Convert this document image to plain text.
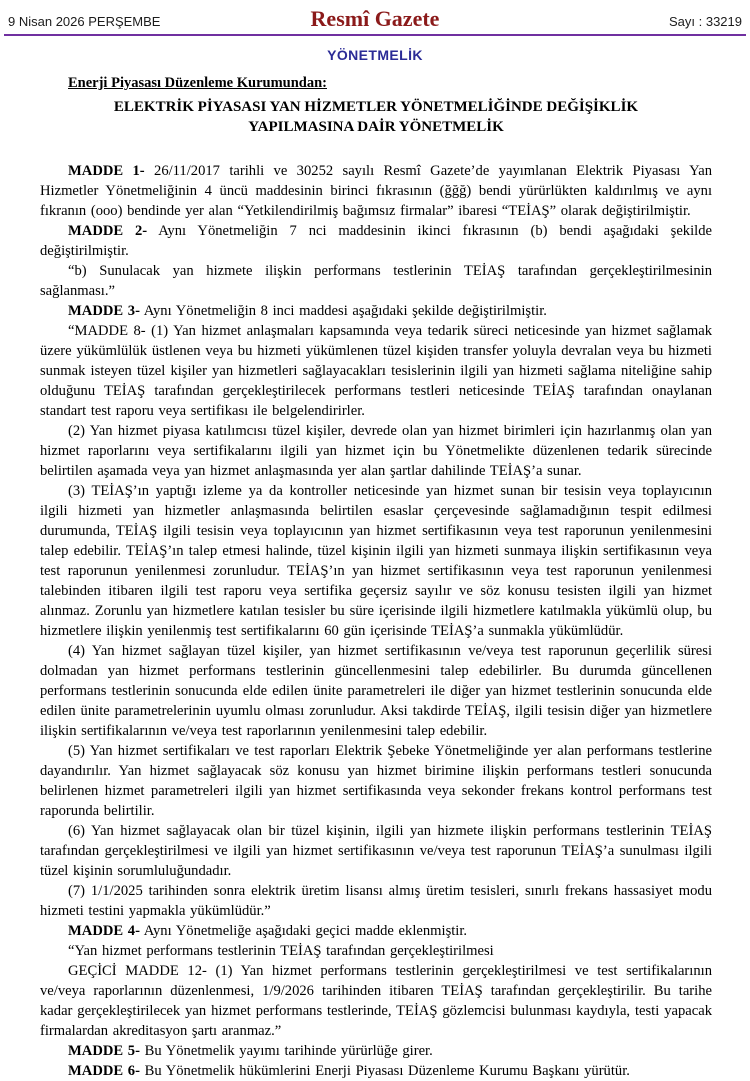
9 Nisan 2026 PERŞEMBE	Resmî Gazete	Sayı : 33219
YÖNETMELİK
Enerji Piyasası Düzenleme Kurumundan:
ELEKTRİK PİYASASI YAN HİZMETLER YÖNETMELİĞİNDE DEĞİŞİKLİK
YAPILMASINA DAİR YÖNETMELİK

MADDE 1- 26/11/2017 tarihli ve 30252 sayılı Resmî Gazete’de yayımlanan Elektrik Piyasası Yan Hizmetler Yönetmeliğinin 4 üncü maddesinin birinci fıkrasının (ğğğ) bendi yürürlükten kaldırılmış ve aynı fıkranın (ooo) bendinde yer alan “Yetkilendirilmiş bağımsız firmalar” ibaresi “TEİAŞ” olarak değiştirilmiştir.

MADDE 2- Aynı Yönetmeliğin 7 nci maddesinin ikinci fıkrasının (b) bendi aşağıdaki şekilde değiştirilmiştir.

“b) Sunulacak yan hizmete ilişkin performans testlerinin TEİAŞ tarafından gerçekleştirilmesinin sağlanması.”

MADDE 3- Aynı Yönetmeliğin 8 inci maddesi aşağıdaki şekilde değiştirilmiştir.

“MADDE 8- (1) Yan hizmet anlaşmaları kapsamında veya tedarik süreci neticesinde yan hizmet sağlamak üzere yükümlülük üstlenen veya bu hizmeti yükümlenen tüzel kişiden transfer yoluyla devralan veya bu hizmeti sunmak isteyen tüzel kişiler yan hizmetleri sağlayacakları tesislerinin ilgili yan hizmeti sağlama niteliğine sahip olduğunu TEİAŞ tarafından gerçekleştirilecek performans testleri neticesinde TEİAŞ tarafından onaylanan standart test raporu veya sertifikası ile belgelendirirler.

(2) Yan hizmet piyasa katılımcısı tüzel kişiler, devrede olan yan hizmet birimleri için hazırlanmış olan yan hizmet raporlarını veya sertifikalarını ilgili yan hizmet için bu Yönetmelikte düzenlenen tedarik sürecinde belirtilen aşamada veya yan hizmet anlaşmasında yer alan şartlar dahilinde TEİAŞ’a sunar.

(3) TEİAŞ’ın yaptığı izleme ya da kontroller neticesinde yan hizmet sunan bir tesisin veya toplayıcının ilgili hizmeti yan hizmetler anlaşmasında belirtilen esaslar çerçevesinde sağlamadığının tespit edilmesi durumunda, TEİAŞ ilgili tesisin veya toplayıcının yan hizmet sertifikasının veya test raporunun yenilenmesini talep edebilir. TEİAŞ’ın talep etmesi halinde, tüzel kişinin ilgili yan hizmeti sunmaya ilişkin sertifikasının veya test raporunun yenilenmesi zorunludur. TEİAŞ’ın yan hizmet sertifikasının veya test raporunun yenilenmesi talebinden itibaren ilgili test raporu veya sertifika geçersiz sayılır ve söz konusu tesisten ilgili yan hizmet alınmaz. Zorunlu yan hizmetlere katılan tesisler bu süre içerisinde ilgili hizmetlere katılmakla yükümlü olup, bu hizmetlere ilişkin yenilenmiş test sertifikalarını 60 gün içerisinde TEİAŞ’a sunmakla yükümlüdür.

(4) Yan hizmet sağlayan tüzel kişiler, yan hizmet sertifikasının ve/veya test raporunun geçerlilik süresi dolmadan yan hizmet performans testlerinin güncellenmesini talep edebilirler. Bu durumda güncellenen performans testlerinin sonucunda elde edilen ünite parametreleri ile diğer yan hizmet testlerinin sonucunda elde edilen ünite parametrelerinin uyumlu olması zorunludur. Aksi takdirde TEİAŞ, ilgili tesisin diğer yan hizmetlere ilişkin sertifikalarının ve/veya test raporlarının yenilenmesini talep edebilir.

(5) Yan hizmet sertifikaları ve test raporları Elektrik Şebeke Yönetmeliğinde yer alan performans testlerine dayandırılır. Yan hizmet sağlayacak söz konusu yan hizmet birimine ilişkin performans testleri sonucunda belirlenen hizmet parametreleri ilgili yan hizmet sertifikasında veya sekonder frekans kontrol performans test raporunda belirtilir.

(6) Yan hizmet sağlayacak olan bir tüzel kişinin, ilgili yan hizmete ilişkin performans testlerinin TEİAŞ tarafından gerçekleştirilmesi ve ilgili yan hizmet sertifikasının ve/veya test raporunun TEİAŞ’a sunulması ilgili tüzel kişinin sorumluluğundadır.

(7) 1/1/2025 tarihinden sonra elektrik üretim lisansı almış üretim tesisleri, sınırlı frekans hassasiyet modu hizmeti testini yapmakla yükümlüdür.”

MADDE 4- Aynı Yönetmeliğe aşağıdaki geçici madde eklenmiştir.

“Yan hizmet performans testlerinin TEİAŞ tarafından gerçekleştirilmesi

GEÇİCİ MADDE 12- (1) Yan hizmet performans testlerinin gerçekleştirilmesi ve test sertifikalarının ve/veya raporlarının düzenlenmesi, 1/9/2026 tarihinden itibaren TEİAŞ tarafından gerçekleştirilir. Bu tarihe kadar gerçekleştirilecek yan hizmet performans testlerinde, TEİAŞ gözlemcisi bulunması kaydıyla, testi yapacak firmalardan akreditasyon şartı aranmaz.”

MADDE 5- Bu Yönetmelik yayımı tarihinde yürürlüğe girer.

MADDE 6- Bu Yönetmelik hükümlerini Enerji Piyasası Düzenleme Kurumu Başkanı yürütür.
